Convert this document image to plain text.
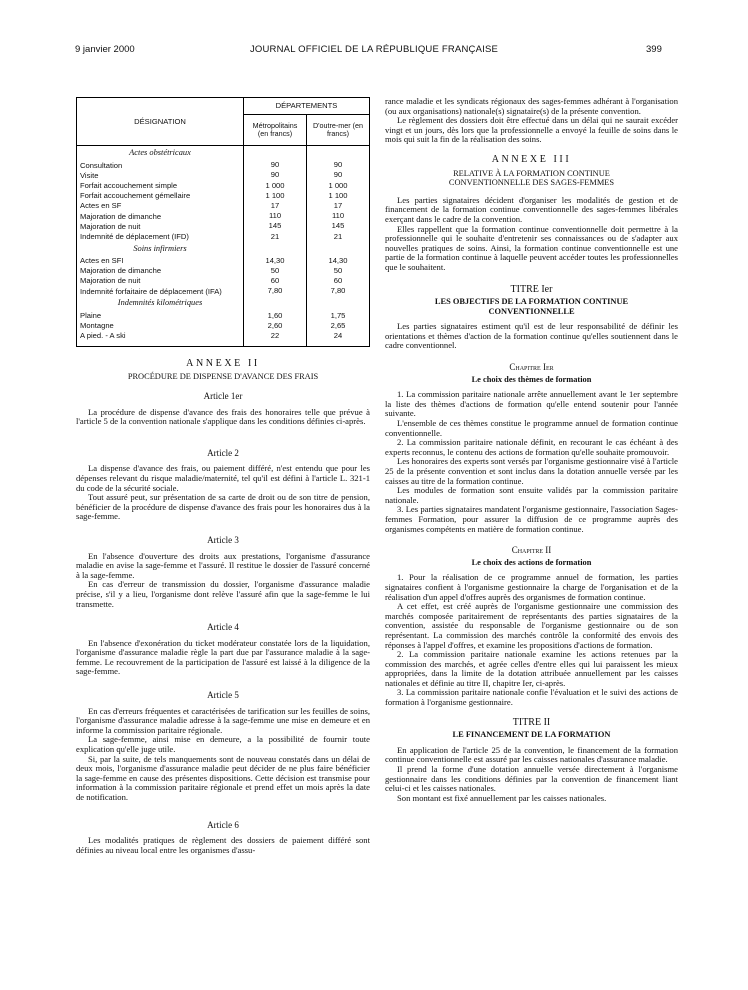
9 janvier 2000	JOURNAL OFFICIEL DE LA RÉPUBLIQUE FRANÇAISE	399
DÉSIGNATION	DÉPARTEMENTS	
	Métropolitains (en francs)	D'outre-mer (en francs)
Actes obstétricaux		
Consultation	90	90
Visite	90	90
Forfait accouchement simple	1 000	1 000
Forfait accouchement gémellaire	1 100	1 100
Actes en SF	17	17
Majoration de dimanche	110	110
Majoration de nuit	145	145
Indemnité de déplacement (IFD)	21	21
Soins infirmiers		
Actes en SFI	14,30	14,30
Majoration de dimanche	50	50
Majoration de nuit	60	60
Indemnité forfaitaire de déplacement (IFA)	7,80	7,80
Indemnités kilométriques		
Plaine	1,60	1,75
Montagne	2,60	2,65
A pied. - A ski	22	24

ANNEXE II
PROCÉDURE DE DISPENSE D'AVANCE DES FRAIS
Article 1er

La procédure de dispense d'avance des frais des honoraires telle que prévue à l'article 5 de la convention nationale s'applique dans les conditions définies ci-après.

Article 2

La dispense d'avance des frais, ou paiement différé, n'est entendu que pour les dépenses relevant du risque maladie/maternité, tel qu'il est défini à l'article L. 321-1 du code de la sécurité sociale.

Tout assuré peut, sur présentation de sa carte de droit ou de son titre de pension, bénéficier de la procédure de dispense d'avance des frais pour les honoraires dus à la sage-femme.

Article 3

En l'absence d'ouverture des droits aux prestations, l'organisme d'assurance maladie en avise la sage-femme et l'assuré. Il restitue le dossier de l'assuré concerné à la sage-femme.

En cas d'erreur de transmission du dossier, l'organisme d'assurance maladie précise, s'il y a lieu, l'organisme dont relève l'assuré afin que la sage-femme le lui transmette.

Article 4

En l'absence d'exonération du ticket modérateur constatée lors de la liquidation, l'organisme d'assurance maladie règle la part due par l'assurance maladie à la sage-femme. Le recouvrement de la participation de l'assuré est laissé à la diligence de la sage-femme.

Article 5

En cas d'erreurs fréquentes et caractérisées de tarification sur les feuilles de soins, l'organisme d'assurance maladie adresse à la sage-femme une mise en demeure et en informe la commission paritaire régionale.

La sage-femme, ainsi mise en demeure, a la possibilité de fournir toute explication qu'elle juge utile.

Si, par la suite, de tels manquements sont de nouveau constatés dans un délai de deux mois, l'organisme d'assurance maladie peut décider de ne plus faire bénéficier la sage-femme en cause des présentes dispositions. Cette décision est transmise pour information à la commission paritaire régionale et prend effet un mois après la date de notification.

Article 6

Les modalités pratiques de règlement des dossiers de paiement différé sont définies au niveau local entre les organismes d'assu-

rance maladie et les syndicats régionaux des sages-femmes adhérant à l'organisation (ou aux organisations) nationale(s) signataire(s) de la présente convention.

Le règlement des dossiers doit être effectué dans un délai qui ne saurait excéder vingt et un jours, dès lors que la professionnelle a envoyé la feuille de soins dans le mois qui suit la fin de la réalisation des soins.

ANNEXE III
RELATIVE À LA FORMATION CONTINUE
CONVENTIONNELLE DES SAGES-FEMMES

Les parties signataires décident d'organiser les modalités de gestion et de financement de la formation continue conventionnelle des sages-femmes libérales exerçant dans le cadre de la convention.

Elles rappellent que la formation continue conventionnelle doit permettre à la professionnelle qui le souhaite d'entretenir ses connaissances ou de s'adapter aux nouvelles pratiques de soins. Ainsi, la formation continue conventionnelle est une partie de la formation continue à laquelle peuvent accéder toutes les professionnelles que le souhaitent.

TITRE Ier
LES OBJECTIFS DE LA FORMATION CONTINUE CONVENTIONNELLE

Les parties signataires estiment qu'il est de leur responsabilité de définir les orientations et thèmes d'action de la formation continue qu'elles soutiennent dans le cadre conventionnel.

Chapitre Ier
Le choix des thèmes de formation

1. La commission paritaire nationale arrête annuellement avant le 1er septembre la liste des thèmes d'actions de formation qu'elle entend soutenir pour l'année suivante.

L'ensemble de ces thèmes constitue le programme annuel de formation continue conventionnelle.

2. La commission paritaire nationale définit, en recourant le cas échéant à des experts reconnus, le contenu des actions de formation qu'elle souhaite promouvoir.

Les honoraires des experts sont versés par l'organisme gestionnaire visé à l'article 25 de la présente convention et sont inclus dans la dotation annuelle versée par les caisses au titre de la formation continue.

Les modules de formation sont ensuite validés par la commission paritaire nationale.

3. Les parties signataires mandatent l'organisme gestionnaire, l'association Sages-femmes Formation, pour assurer la diffusion de ce programme auprès des organismes compétents en matière de formation continue.

Chapitre II
Le choix des actions de formation

1. Pour la réalisation de ce programme annuel de formation, les parties signataires confient à l'organisme gestionnaire la charge de l'organisation et de la réalisation d'un appel d'offres auprès des organismes de formation continue.

A cet effet, est créé auprès de l'organisme gestionnaire une commission des marchés composée paritairement de représentants des parties signataires de la convention, assistée du responsable de l'organisme gestionnaire ou de son représentant. La commission des marchés contrôle la conformité des envois des réponses à l'appel d'offres, et examine les propositions d'actions de formation.

2. La commission paritaire nationale examine les actions retenues par la commission des marchés, et agrée celles d'entre elles qui lui paraissent les mieux appropriées, dans la limite de la dotation attribuée annuellement par les caisses nationales et définie au titre II, chapitre Ier, ci-après.

3. La commission paritaire nationale confie l'évaluation et le suivi des actions de formation à l'organisme gestionnaire.

TITRE II
LE FINANCEMENT DE LA FORMATION

En application de l'article 25 de la convention, le financement de la formation continue conventionnelle est assuré par les caisses nationales d'assurance maladie.

Il prend la forme d'une dotation annuelle versée directement à l'organisme gestionnaire dans les conditions définies par la convention de financement liant celui-ci et les caisses nationales.

Son montant est fixé annuellement par les caisses nationales.
